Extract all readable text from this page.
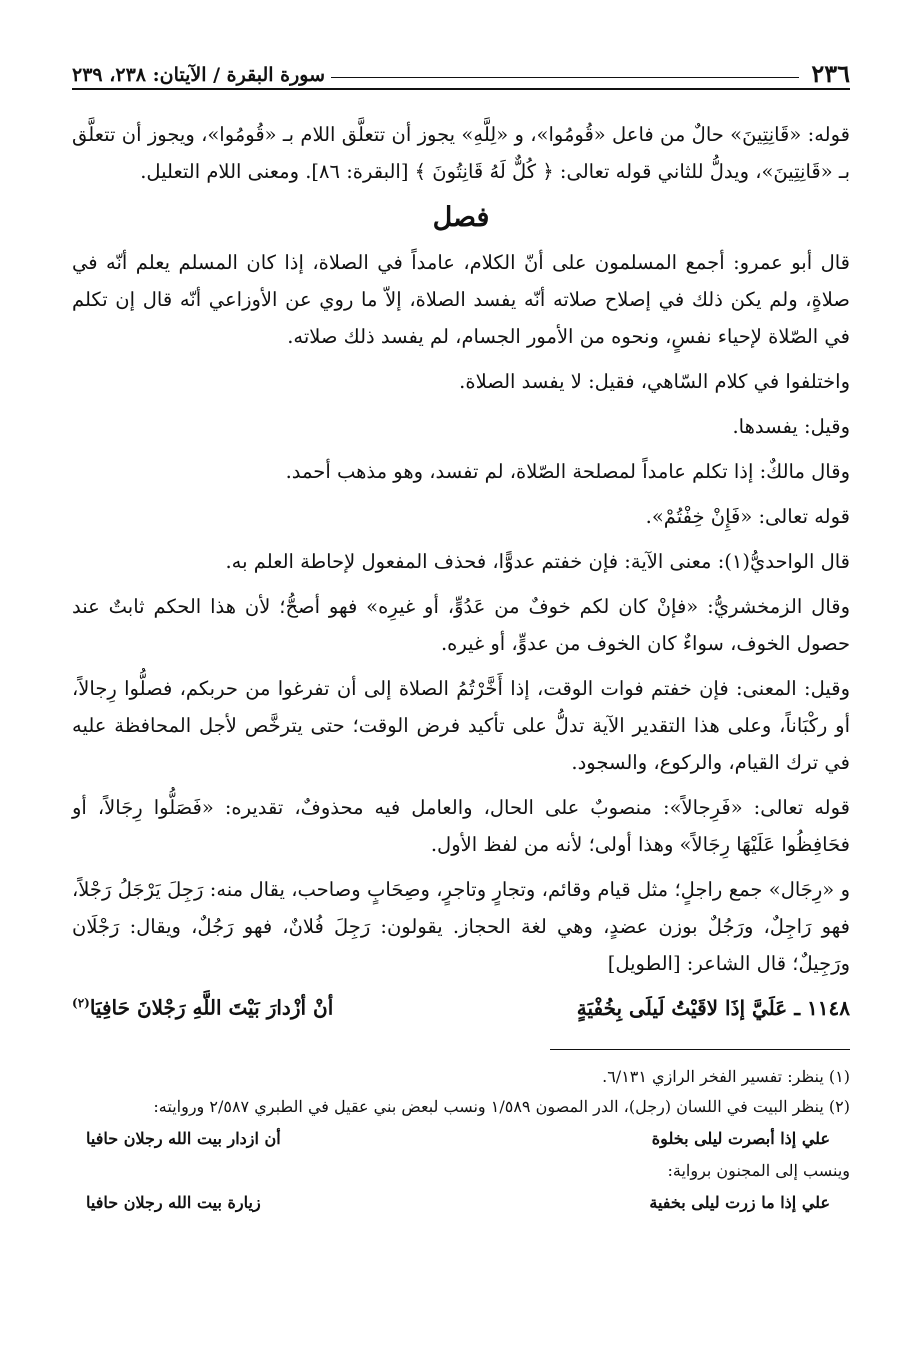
٢٣٦
سورة البقرة / الآيتان: ٢٣٨، ٢٣٩

قوله: «قَانِتِينَ» حالٌ من فاعل «قُومُوا»، و «لِلَّهِ» يجوز أن تتعلَّق اللام بـ «قُومُوا»، ويجوز أن تتعلَّق بـ «قَانِتِينَ»، ويدلُّ للثاني قوله تعالى: ﴿ كُلٌّ لَهُ قَانِتُونَ ﴾ [البقرة: ٨٦]. ومعنى اللام التعليل.

فصل

قال أبو عمرو: أجمع المسلمون على أنّ الكلام، عامداً في الصلاة، إذا كان المسلم يعلم أنّه في صلاةٍ، ولم يكن ذلك في إصلاح صلاته أنّه يفسد الصلاة، إلاّ ما روي عن الأوزاعي أنّه قال إن تكلم في الصّلاة لإحياء نفسٍ، ونحوه من الأمور الجسام، لم يفسد ذلك صلاته.

واختلفوا في كلام السّاهي، فقيل: لا يفسد الصلاة.

وقيل: يفسدها.

وقال مالكٌ: إذا تكلم عامداً لمصلحة الصّلاة، لم تفسد، وهو مذهب أحمد.

قوله تعالى: «فَإِنْ خِفْتُمْ».

قال الواحديُّ(١): معنى الآية: فإن خفتم عدوًّا، فحذف المفعول لإحاطة العلم به.

وقال الزمخشريُّ: «فإنْ كان لكم خوفٌ من عَدُوٍّ، أو غيرِه» فهو أصحُّ؛ لأن هذا الحكم ثابتٌ عند حصول الخوف، سواءٌ كان الخوف من عدوٍّ، أو غيره.

وقيل: المعنى: فإن خفتم فوات الوقت، إذا أَخَّرْتُمُ الصلاة إلى أن تفرغوا من حربكم، فصلُّوا رِجالاً، أو ركْبَاناً، وعلى هذا التقدير الآية تدلُّ على تأكيد فرض الوقت؛ حتى يترخَّص لأجل المحافظة عليه في ترك القيام، والركوع، والسجود.

قوله تعالى: «فَرِجالاً»: منصوبٌ على الحال، والعامل فيه محذوفٌ، تقديره: «فَصَلُّوا رِجَالاً، أو فحَافِظُوا عَلَيْهَا رِجَالاً» وهذا أولى؛ لأنه من لفظ الأول.

و «رِجَال» جمع راجلٍ؛ مثل قيام وقائم، وتجارٍ وتاجرٍ، وصِحَابٍ وصاحب، يقال منه: رَجِلَ يَرْجَلُ رَجْلاً، فهو رَاجِلٌ، ورَجُلٌ بوزن عضدٍ، وهي لغة الحجاز. يقولون: رَجِلَ فُلانٌ، فهو رَجُلٌ، ويقال: رَجْلَان ورَجِيلٌ؛ قال الشاعر: [الطويل]

١١٤٨ ـ عَلَيَّ إذَا لاقَيْتُ لَيلَى بِخُفْيَةٍ
أنْ أزْدارَ بَيْتَ اللَّهِ رَجْلانَ حَافِيَا$^{(٢)}$

(١) ينظر: تفسير الفخر الرازي ٦/١٣١.

(٢) ينظر البيت في اللسان (رجل)، الدر المصون ١/٥٨٩ ونسب لبعض بني عقيل في الطبري ٢/٥٨٧ وروايته:

علي إذا أبصرت ليلى بخلوة
أن ازدار بيت الله رجلان حافيا

وينسب إلى المجنون برواية:

علي إذا ما زرت ليلى بخفية
زيارة بيت الله رجلان حافيا
